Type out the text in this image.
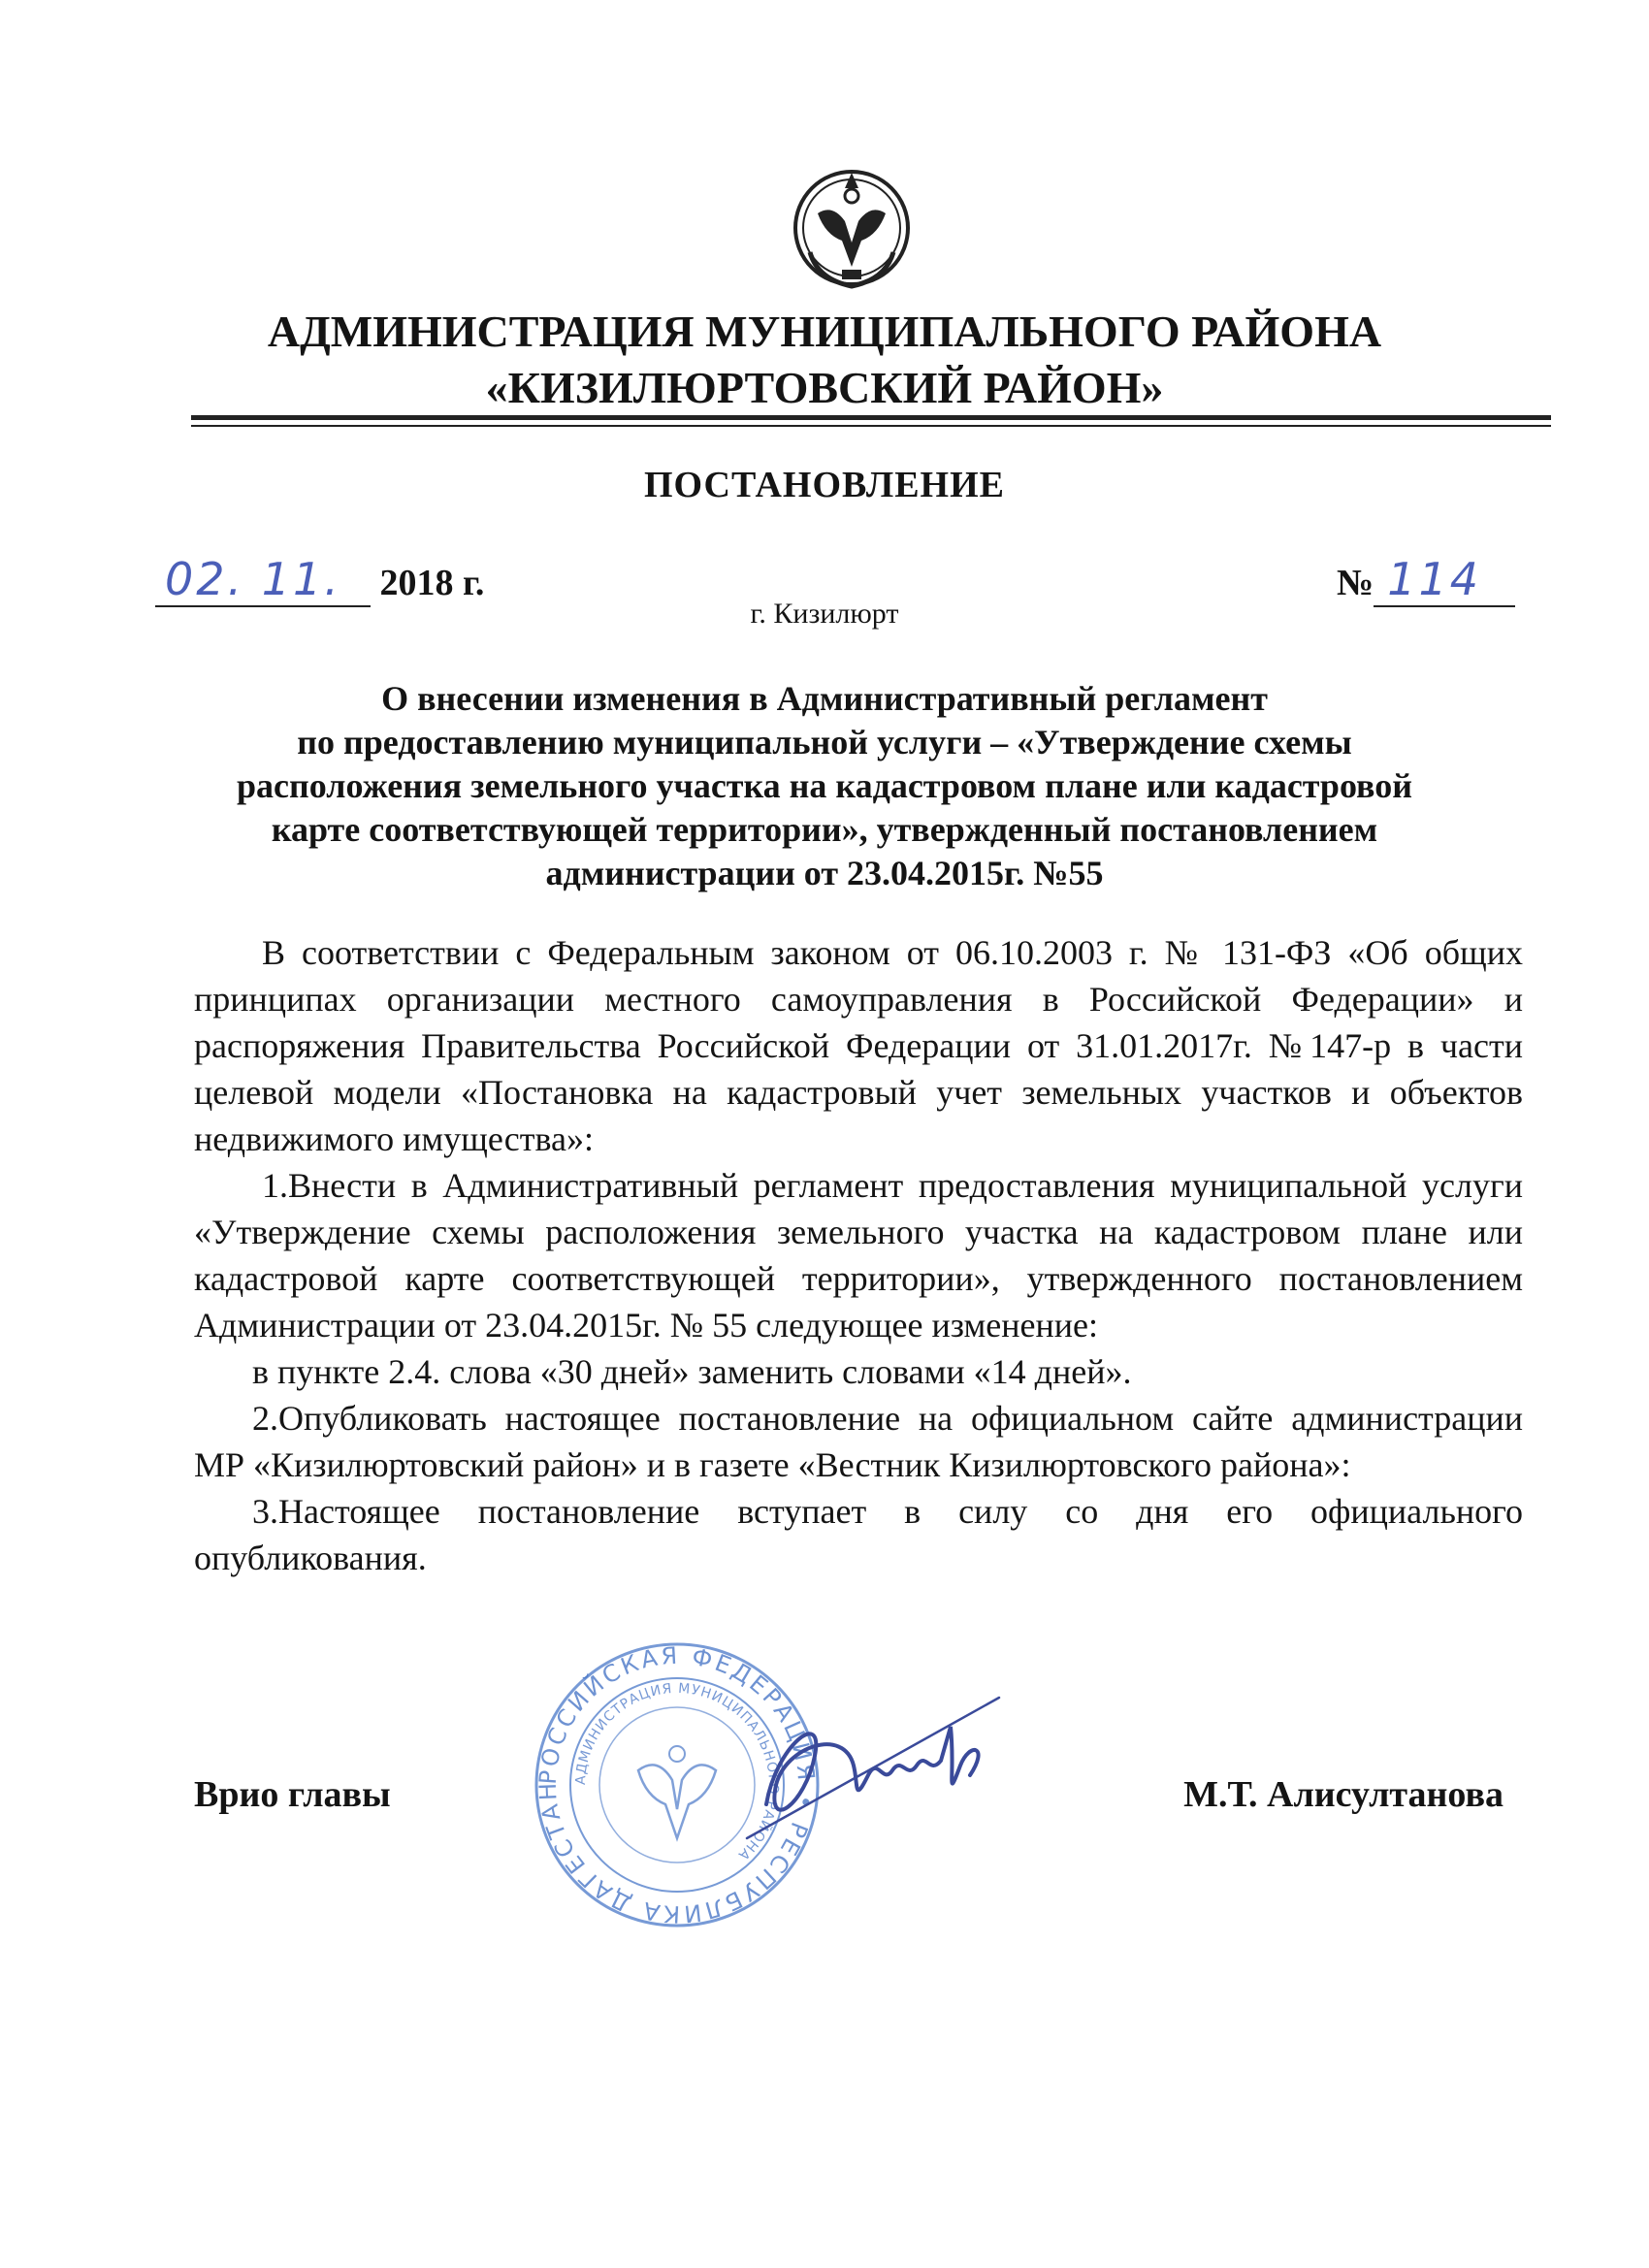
АДМИНИСТРАЦИЯ МУНИЦИПАЛЬНОГО РАЙОНА
«КИЗИЛЮРТОВСКИЙ РАЙОН»
ПОСТАНОВЛЕНИЕ
02. 11. 2018 г.	№ 114
г. Кизилюрт
О внесении изменения в Административный регламент
по предоставлению муниципальной услуги – «Утверждение схемы
расположения земельного участка на кадастровом плане или кадастровой
карте соответствующей территории», утвержденный постановлением
администрации от 23.04.2015г. №55

В соответствии с Федеральным законом от 06.10.2003 г. № 131-ФЗ «Об общих принципах организации местного самоуправления в Российской Федерации» и распоряжения Правительства Российской Федерации от 31.01.2017г. №147-р в части целевой модели «Постановка на кадастровый учет земельных участков и объектов недвижимого имущества»:

1.Внести в Административный регламент предоставления муниципальной услуги «Утверждение схемы расположения земельного участка на кадастровом плане или кадастровой карте соответствующей территории», утвержденного постановлением Администрации от 23.04.2015г. № 55 следующее изменение:

в пункте 2.4. слова «30 дней» заменить словами «14 дней».

2.Опубликовать настоящее постановление на официальном сайте администрации МР «Кизилюртовский район» и в газете «Вестник Кизилюртовского района»:

3.Настоящее постановление вступает в силу со дня его официального опубликования.

РОССИЙСКАЯ ФЕДЕРАЦИЯ • РЕСПУБЛИКА ДАГЕСТАН АДМИНИСТРАЦИЯ МУНИЦИПАЛЬНОГО РАЙОНА
Врио главы	М.Т. Алисултанова
